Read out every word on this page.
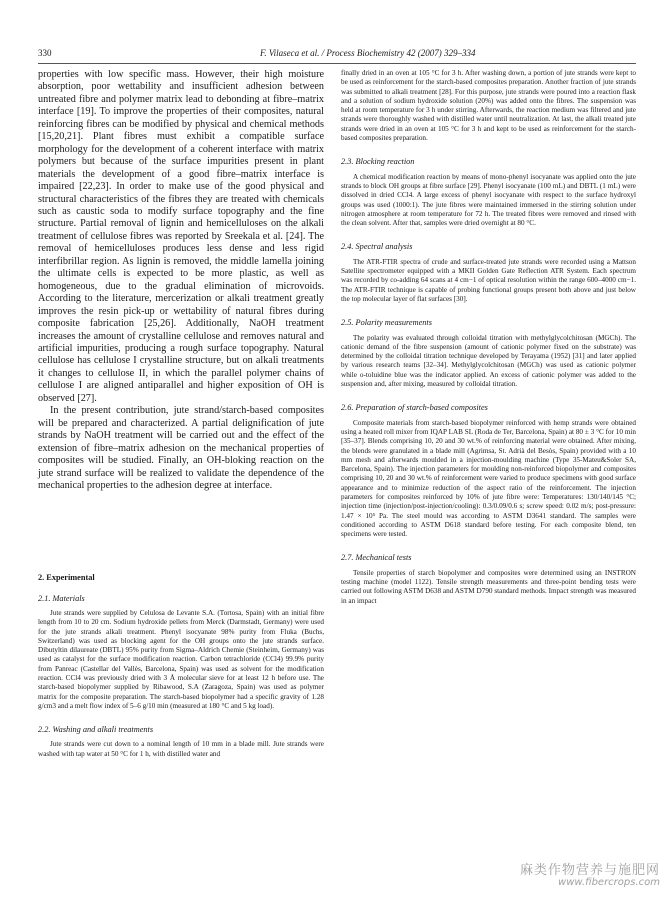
330	F. Vilaseca et al. / Process Biochemistry 42 (2007) 329–334

properties with low specific mass. However, their high moisture absorption, poor wettability and insufficient adhesion between untreated fibre and polymer matrix lead to debonding at fibre–matrix interface [19]. To improve the properties of their composites, natural reinforcing fibres can be modified by physical and chemical methods [15,20,21]. Plant fibres must exhibit a compatible surface morphology for the development of a coherent interface with matrix polymers but because of the surface impurities present in plant materials the development of a good fibre–matrix interface is impaired [22,23]. In order to make use of the good physical and structural characteristics of the fibres they are treated with chemicals such as caustic soda to modify surface topography and the fine structure. Partial removal of lignin and hemicelluloses on the alkali treatment of cellulose fibres was reported by Sreekala et al. [24]. The removal of hemicelluloses produces less dense and less rigid interfibrillar region. As lignin is removed, the middle lamella joining the ultimate cells is expected to be more plastic, as well as homogeneous, due to the gradual elimination of microvoids. According to the literature, mercerization or alkali treatment greatly improves the resin pick-up or wettability of natural fibres during composite fabrication [25,26]. Additionally, NaOH treatment increases the amount of crystalline cellulose and removes natural and artificial impurities, producing a rough surface topography. Natural cellulose has cellulose I crystalline structure, but on alkali treatments it changes to cellulose II, in which the parallel polymer chains of cellulose I are aligned antiparallel and higher exposition of OH is observed [27].

In the present contribution, jute strand/starch-based composites will be prepared and characterized. A partial delignification of jute strands by NaOH treatment will be carried out and the effect of the extension of fibre–matrix adhesion on the mechanical properties of composites will be studied. Finally, an OH-bloking reaction on the jute strand surface will be realized to validate the dependence of the mechanical properties to the adhesion degree at interface.

2. Experimental
2.1. Materials

Jute strands were supplied by Celulosa de Levante S.A. (Tortosa, Spain) with an initial fibre length from 10 to 20 cm. Sodium hydroxide pellets from Merck (Darmstadt, Germany) were used for the jute strands alkali treatment. Phenyl isocyanate 98% purity from Fluka (Buchs, Switzerland) was used as blocking agent for the OH groups onto the jute strands surface. Dibutyltin dilaureate (DBTL) 95% purity from Sigma–Aldrich Chemie (Steinheim, Germany) was used as catalyst for the surface modification reaction. Carbon tetrachloride (CCl4) 99.9% purity from Panreac (Castellar del Vallès, Barcelona, Spain) was used as solvent for the modification reaction. CCl4 was previously dried with 3 Å molecular sieve for at least 12 h before use. The starch-based biopolymer supplied by Ribawood, S.A (Zaragoza, Spain) was used as polymer matrix for the composite preparation. The starch-based biopolymer had a specific gravity of 1.28 g/cm3 and a melt flow index of 5–6 g/10 min (measured at 180 °C and 5 kg load).

2.2. Washing and alkali treatments

Jute strands were cut down to a nominal length of 10 mm in a blade mill. Jute strands were washed with tap water at 50 °C for 1 h, with distilled water and

finally dried in an oven at 105 °C for 3 h. After washing down, a portion of jute strands were kept to be used as reinforcement for the starch-based composites preparation. Another fraction of jute strands was submitted to alkali treatment [28]. For this purpose, jute strands were poured into a reaction flask and a solution of sodium hydroxide solution (20%) was added onto the fibres. The suspension was held at room temperature for 3 h under stirring. Afterwards, the reaction medium was filtered and jute strands were thoroughly washed with distilled water until neutralization. At last, the alkali treated jute strands were dried in an oven at 105 °C for 3 h and kept to be used as reinforcement for the starch-based composites preparation.

2.3. Blocking reaction

A chemical modification reaction by means of mono-phenyl isocyanate was applied onto the jute strands to block OH groups at fibre surface [29]. Phenyl isocyanate (100 mL) and DBTL (1 mL) were dissolved in dried CCl4. A large excess of phenyl isocyanate with respect to the surface hydroxyl groups was used (1000:1). The jute fibres were maintained immersed in the stirring solution under nitrogen atmosphere at room temperature for 72 h. The treated fibres were removed and rinsed with the clean solvent. After that, samples were dried overnight at 80 °C.

2.4. Spectral analysis

The ATR-FTIR spectra of crude and surface-treated jute strands were recorded using a Mattson Satellite spectrometer equipped with a MKII Golden Gate Reflection ATR System. Each spectrum was recorded by co-adding 64 scans at 4 cm−1 of optical resolution within the range 600–4000 cm−1. The ATR-FTIR technique is capable of probing functional groups present both above and just below the top molecular layer of flat surfaces [30].

2.5. Polarity measurements

The polarity was evaluated through colloidal titration with methylglycolchitosan (MGCh). The cationic demand of the fibre suspension (amount of cationic polymer fixed on the substrate) was determined by the colloidal titration technique developed by Terayama (1952) [31] and later applied by various research teams [32–34]. Methylglycolchitosan (MGCh) was used as cationic polymer while o-toluidine blue was the indicator applied. An excess of cationic polymer was added to the suspension and, after mixing, measured by colloidal titration.

2.6. Preparation of starch-based composites

Composite materials from starch-based biopolymer reinforced with hemp strands were obtained using a heated roll mixer from IQAP LAB SL (Roda de Ter, Barcelona, Spain) at 80 ± 3 °C for 10 min [35–37]. Blends comprising 10, 20 and 30 wt.% of reinforcing material were obtained. After mixing, the blends were granulated in a blade mill (Agrimsa, St. Adrià del Besòs, Spain) provided with a 10 mm mesh and afterwards moulded in a injection-moulding machine (Type 35-Mateu&Soler SA, Barcelona, Spain). The injection parameters for moulding non-reinforced biopolymer and composites comprising 10, 20 and 30 wt.% of reinforcement were varied to produce specimens with good surface appearance and to minimize reduction of the aspect ratio of the reinforcement. The injection parameters for composites reinforced by 10% of jute fibre were: Temperatures: 130/140/145 °C; injection time (injection/post-injection/cooling): 0.3/0.09/0.6 s; screw speed: 0.02 m/s; post-pressure: 1.47 × 10⁵ Pa. The steel mould was according to ASTM D3641 standard. The samples were conditioned according to ASTM D618 standard before testing. For each composite blend, ten specimens were tested.

2.7. Mechanical tests

Tensile properties of starch biopolymer and composites were determined using an INSTRON testing machine (model 1122). Tensile strength measurements and three-point bending tests were carried out following ASTM D638 and ASTM D790 standard methods. Impact strength was measured in an impact

麻类作物营养与施肥网
www.fibercrops.com
